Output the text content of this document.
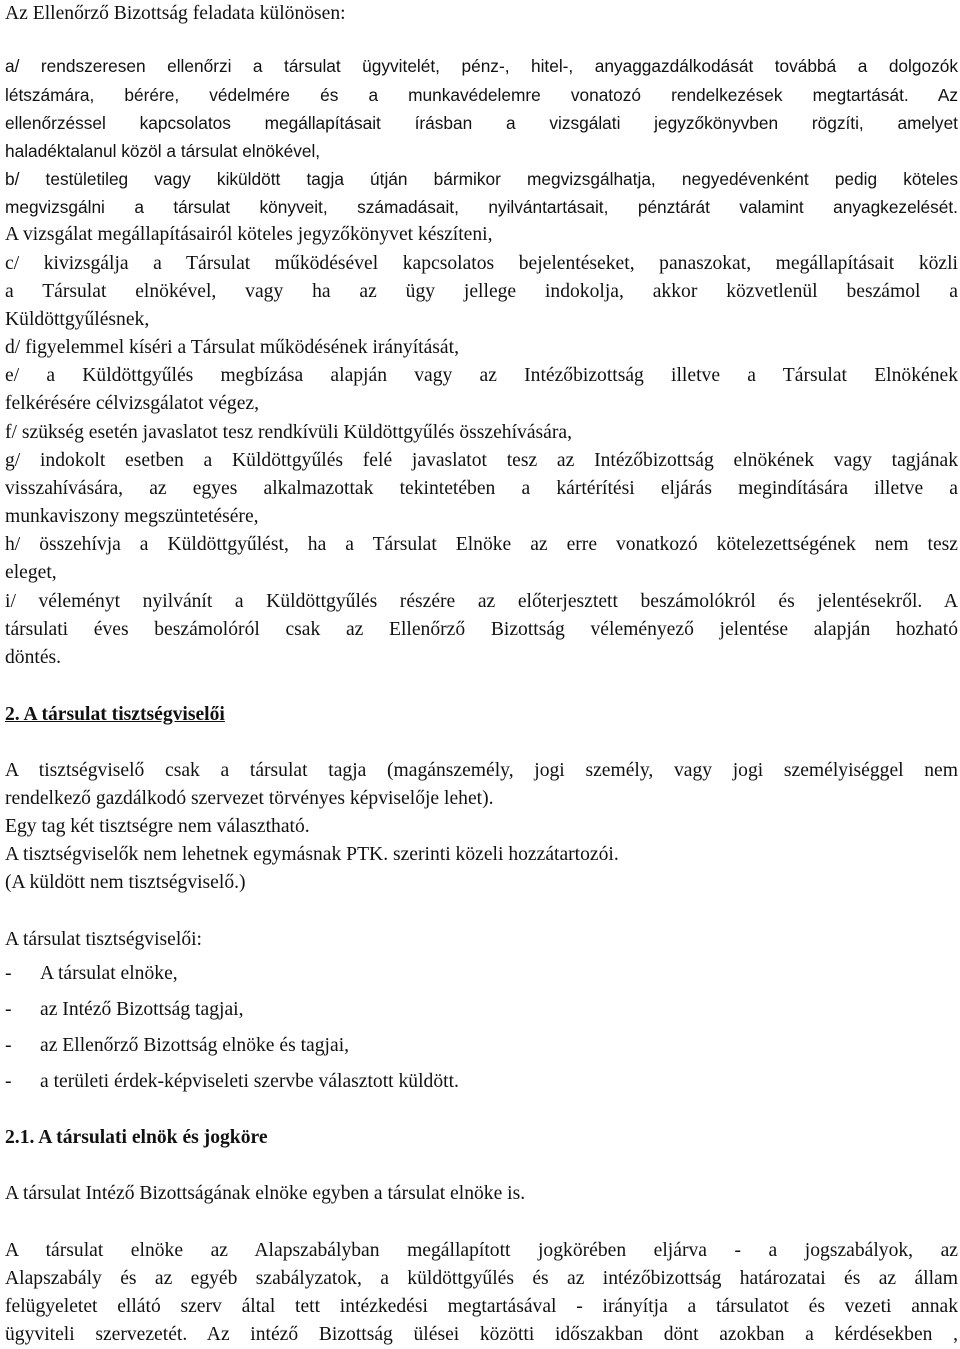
Az Ellenőrző Bizottság feladata különösen:
a/ rendszeresen ellenőrzi a társulat ügyvitelét, pénz-, hitel-, anyaggazdálkodását továbbá a dolgozók
létszámára, bérére, védelmére és a munkavédelemre vonatozó rendelkezések megtartását. Az
ellenőrzéssel kapcsolatos megállapításait írásban a vizsgálati jegyzőkönyvben rögzíti, amelyet
haladéktalanul közöl a társulat elnökével,
b/ testületileg vagy kiküldött tagja útján bármikor megvizsgálhatja, negyedévenként pedig köteles
megvizsgálni a társulat könyveit, számadásait, nyilvántartásait, pénztárát valamint anyagkezelését.
A vizsgálat megállapításairól köteles jegyzőkönyvet készíteni,
c/ kivizsgálja a Társulat működésével kapcsolatos bejelentéseket, panaszokat, megállapításait közli
a Társulat elnökével, vagy ha az ügy jellege indokolja, akkor közvetlenül beszámol a
Küldöttgyűlésnek,
d/ figyelemmel kíséri a Társulat működésének irányítását,
e/ a Küldöttgyűlés megbízása alapján vagy az Intézőbizottság illetve a Társulat Elnökének
felkérésére célvizsgálatot végez,
f/ szükség esetén javaslatot tesz rendkívüli Küldöttgyűlés összehívására,
g/ indokolt esetben a Küldöttgyűlés felé javaslatot tesz az Intézőbizottság elnökének vagy tagjának
visszahívására, az egyes alkalmazottak tekintetében a kártérítési eljárás megindítására illetve a
munkaviszony megszüntetésére,
h/ összehívja a Küldöttgyűlést, ha a Társulat Elnöke az erre vonatkozó kötelezettségének nem tesz
eleget,
i/ véleményt nyilvánít a Küldöttgyűlés részére az előterjesztett beszámolókról és jelentésekről. A
társulati éves beszámolóról csak az Ellenőrző Bizottság véleményező jelentése alapján hozható
döntés.
2. A társulat tisztségviselői
A tisztségviselő csak a társulat tagja (magánszemély, jogi személy, vagy jogi személyiséggel nem
rendelkező gazdálkodó szervezet törvényes képviselője lehet).
Egy tag két tisztségre nem választható.
A tisztségviselők nem lehetnek egymásnak PTK. szerinti közeli hozzátartozói.
(A küldött nem tisztségviselő.)
A társulat tisztségviselői:
-	A társulat elnöke,
-	az Intéző Bizottság tagjai,
-	az Ellenőrző Bizottság elnöke és tagjai,
-	a területi érdek-képviseleti szervbe választott küldött.
2.1. A társulati elnök és jogköre
A társulat Intéző Bizottságának elnöke egyben a társulat elnöke is.
A társulat elnöke az Alapszabályban megállapított jogkörében eljárva - a jogszabályok, az
Alapszabály és az egyéb szabályzatok, a küldöttgyűlés és az intézőbizottság határozatai és az állam
felügyeletet ellátó szerv által tett intézkedési megtartásával - irányítja a társulatot és vezeti annak
ügyviteli szervezetét. Az intéző Bizottság ülései közötti időszakban dönt azokban a kérdésekben ,
